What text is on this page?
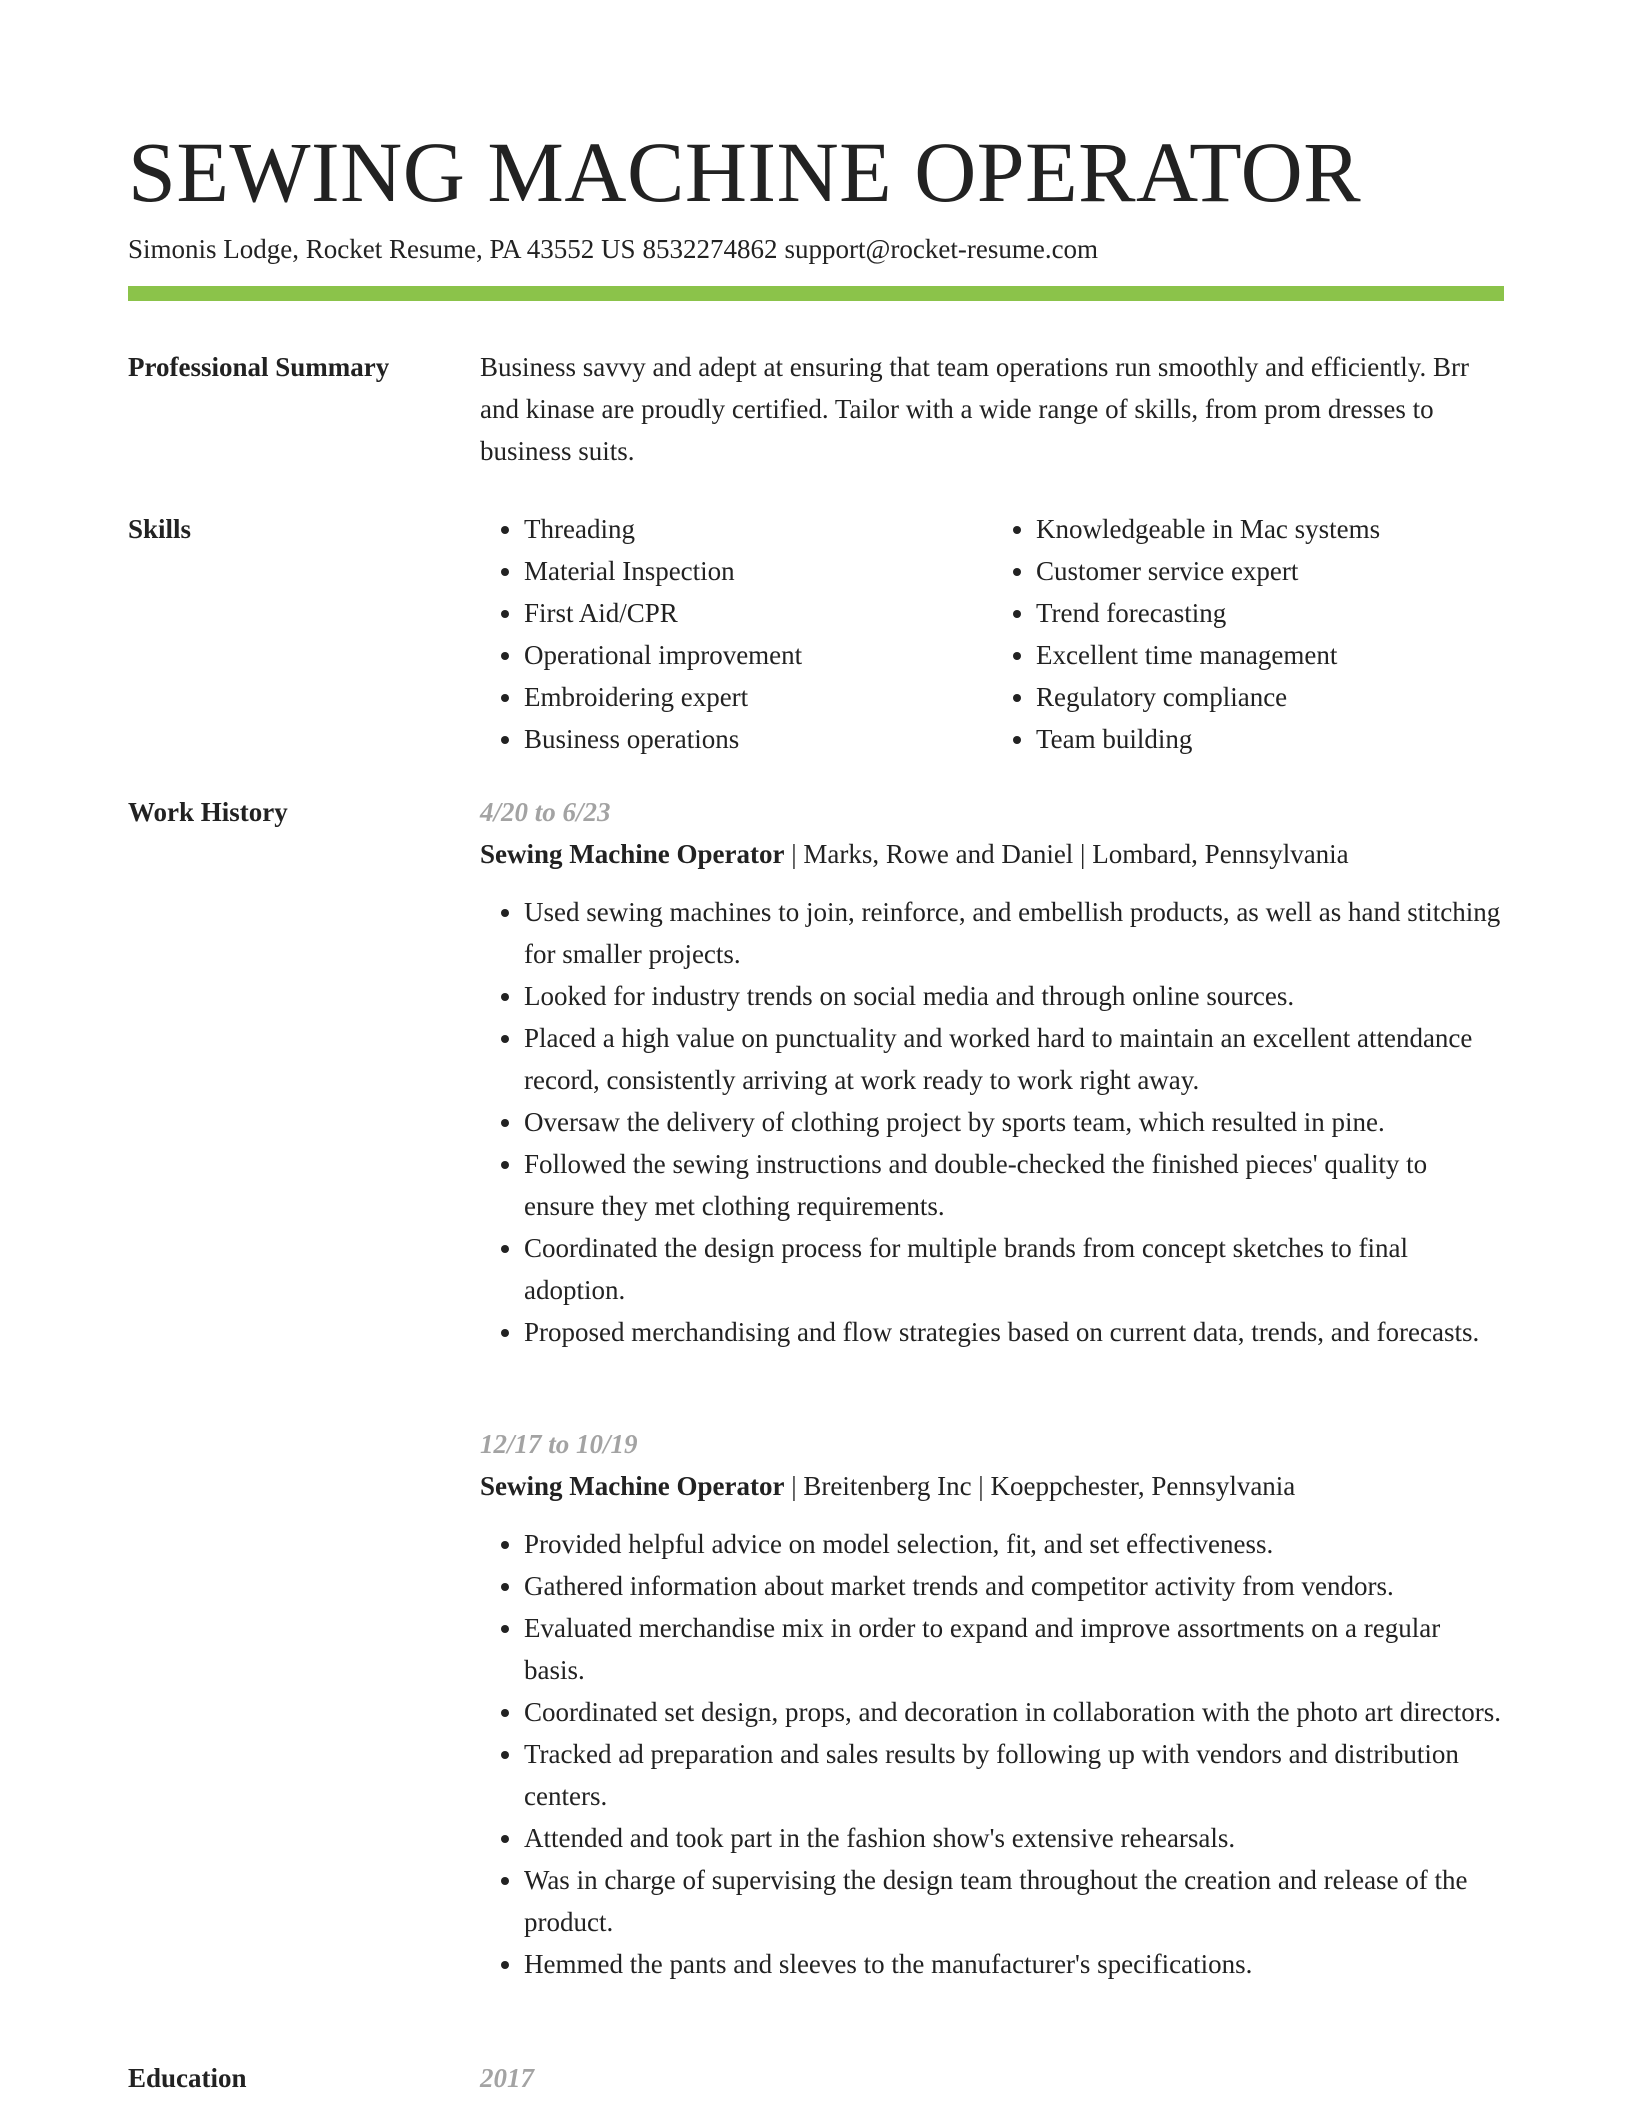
SEWING MACHINE OPERATOR
Simonis Lodge, Rocket Resume, PA 43552 US 8532274862 support@rocket-resume.com
Professional Summary	Business savvy and adept at ensuring that team operations run smoothly and efficiently. Brr and kinase are proudly certified. Tailor with a wide range of skills, from prom dresses to business suits.

Skills
•	Threading
• Material Inspection
• First Aid/CPR
• Operational improvement
• Embroidering expert
• Business operations
• Knowledgeable in Mac systems
• Customer service expert
• Trend forecasting
• Excellent time management
• Regulatory compliance
• Team building
Work History	4/20 to 6/23
Sewing Machine Operator | Marks, Rowe and Daniel | Lombard, Pennsylvania
• Used sewing machines to join, reinforce, and embellish products, as well as hand stitching for smaller projects.
• Looked for industry trends on social media and through online sources.
• Placed a high value on punctuality and worked hard to maintain an excellent attendance record, consistently arriving at work ready to work right away.
• Oversaw the delivery of clothing project by sports team, which resulted in pine.
• Followed the sewing instructions and double-checked the finished pieces' quality to ensure they met clothing requirements.
• Coordinated the design process for multiple brands from concept sketches to final adoption.
• Proposed merchandising and flow strategies based on current data, trends, and forecasts.
12/17 to 10/19
Sewing Machine Operator | Breitenberg Inc | Koeppchester, Pennsylvania
• Provided helpful advice on model selection, fit, and set effectiveness.
• Gathered information about market trends and competitor activity from vendors.
• Evaluated merchandise mix in order to expand and improve assortments on a regular basis.
• Coordinated set design, props, and decoration in collaboration with the photo art directors.
• Tracked ad preparation and sales results by following up with vendors and distribution centers.
• Attended and took part in the fashion show's extensive rehearsals.
• Was in charge of supervising the design team throughout the creation and release of the product.
• Hemmed the pants and sleeves to the manufacturer's specifications.
Education	2017
